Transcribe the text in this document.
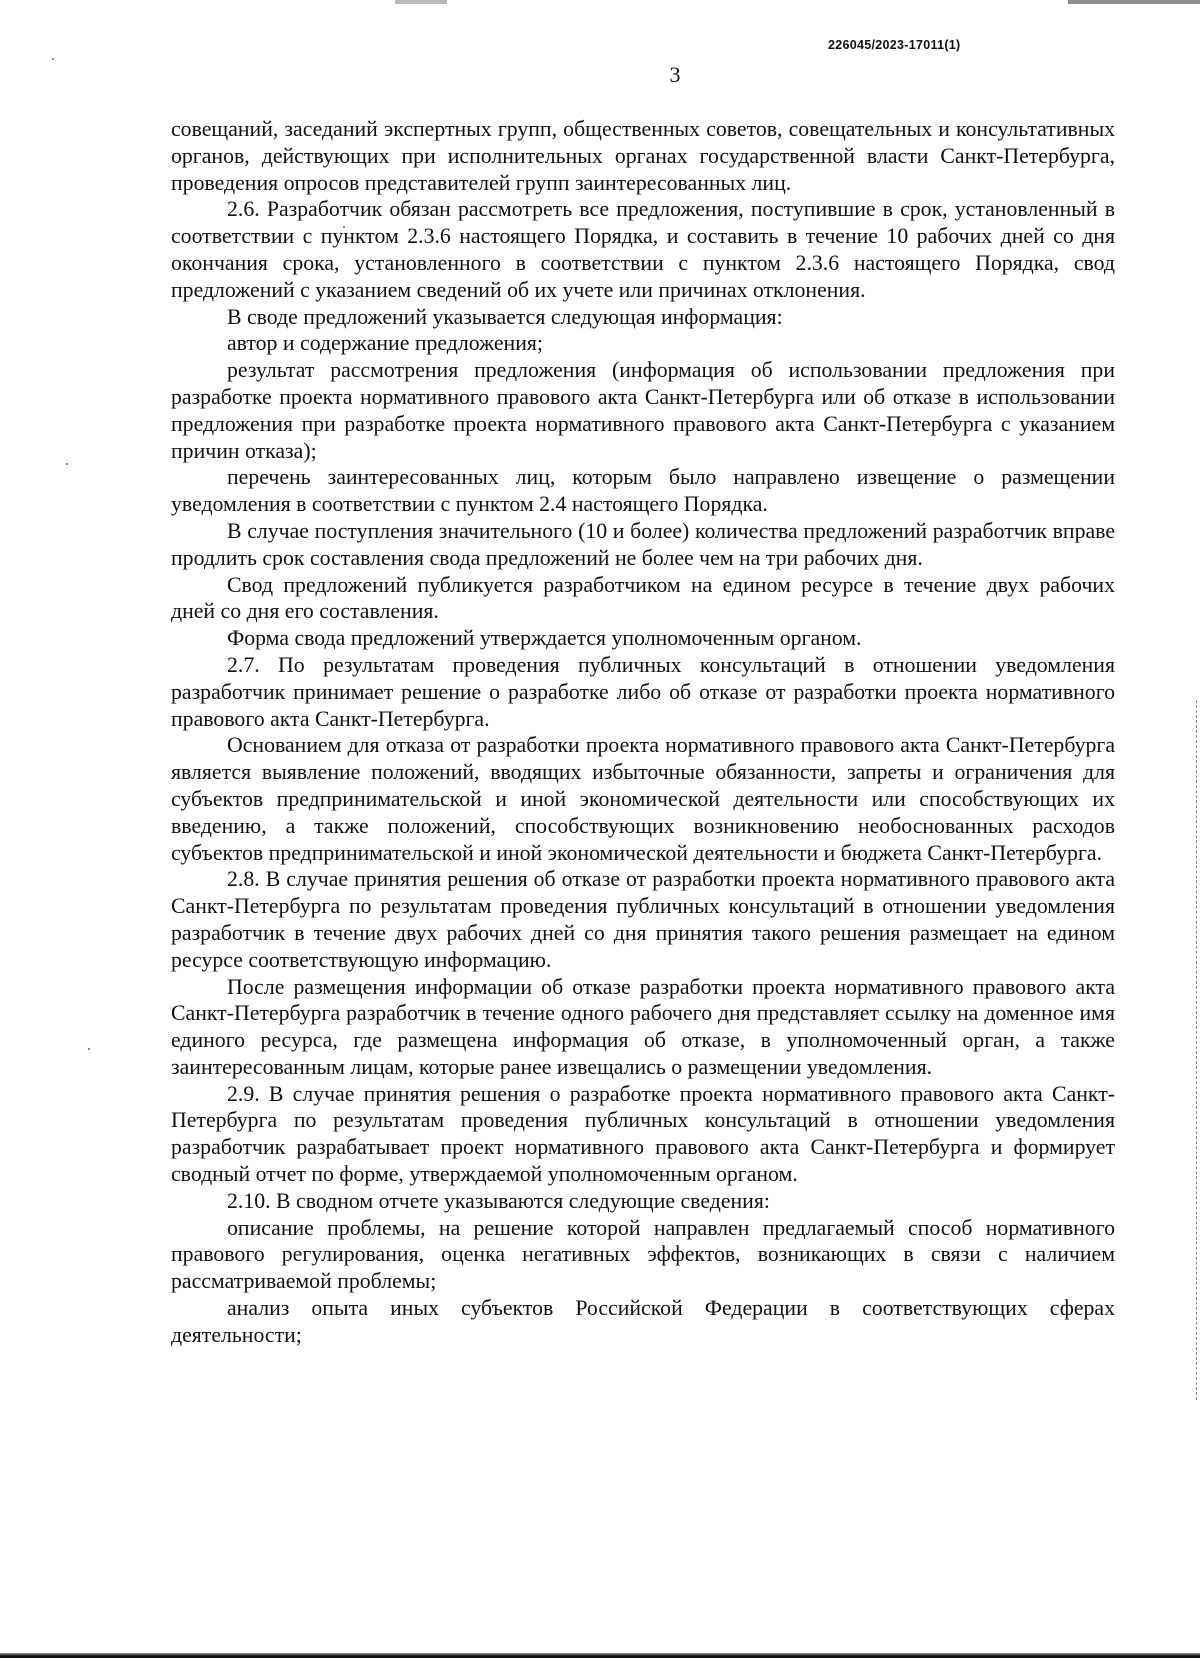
226045/2023-17011(1)
3

совещаний, заседаний экспертных групп, общественных советов, совещательных и консультативных органов, действующих при исполнительных органах государственной власти Санкт-Петербурга, проведения опросов представителей групп заинтересованных лиц.

2.6. Разработчик обязан рассмотреть все предложения, поступившие в срок, установленный в соответствии с пунктом 2.3.6 настоящего Порядка, и составить в течение 10 рабочих дней со дня окончания срока, установленного в соответствии с пунктом 2.3.6 настоящего Порядка, свод предложений с указанием сведений об их учете или причинах отклонения.

В своде предложений указывается следующая информация:

автор и содержание предложения;

результат рассмотрения предложения (информация об использовании предложения при разработке проекта нормативного правового акта Санкт-Петербурга или об отказе в использовании предложения при разработке проекта нормативного правового акта Санкт-Петербурга с указанием причин отказа);

перечень заинтересованных лиц, которым было направлено извещение о размещении уведомления в соответствии с пунктом 2.4 настоящего Порядка.

В случае поступления значительного (10 и более) количества предложений разработчик вправе продлить срок составления свода предложений не более чем на три рабочих дня.

Свод предложений публикуется разработчиком на едином ресурсе в течение двух рабочих дней со дня его составления.

Форма свода предложений утверждается уполномоченным органом.

2.7. По результатам проведения публичных консультаций в отношении уведомления разработчик принимает решение о разработке либо об отказе от разработки проекта нормативного правового акта Санкт-Петербурга.

Основанием для отказа от разработки проекта нормативного правового акта Санкт-Петербурга является выявление положений, вводящих избыточные обязанности, запреты и ограничения для субъектов предпринимательской и иной экономической деятельности или способствующих их введению, а также положений, способствующих возникновению необоснованных расходов субъектов предпринимательской и иной экономической деятельности и бюджета Санкт-Петербурга.

2.8. В случае принятия решения об отказе от разработки проекта нормативного правового акта Санкт-Петербурга по результатам проведения публичных консультаций в отношении уведомления разработчик в течение двух рабочих дней со дня принятия такого решения размещает на едином ресурсе соответствующую информацию.

После размещения информации об отказе разработки проекта нормативного правового акта Санкт-Петербурга разработчик в течение одного рабочего дня представляет ссылку на доменное имя единого ресурса, где размещена информация об отказе, в уполномоченный орган, а также заинтересованным лицам, которые ранее извещались о размещении уведомления.

2.9. В случае принятия решения о разработке проекта нормативного правового акта Санкт-Петербурга по результатам проведения публичных консультаций в отношении уведомления разработчик разрабатывает проект нормативного правового акта Санкт-Петербурга и формирует сводный отчет по форме, утверждаемой уполномоченным органом.

2.10. В сводном отчете указываются следующие сведения:

описание проблемы, на решение которой направлен предлагаемый способ нормативного правового регулирования, оценка негативных эффектов, возникающих в связи с наличием рассматриваемой проблемы;

анализ опыта иных субъектов Российской Федерации в соответствующих сферах деятельности;
